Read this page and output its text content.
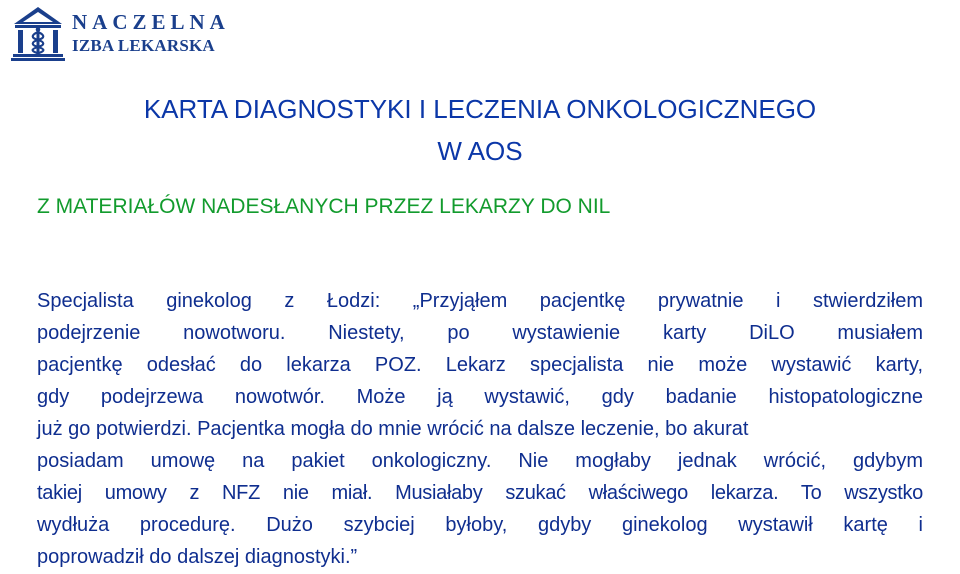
NACZELNA
IZBA LEKARSKA
KARTA DIAGNOSTYKI I LECZENIA ONKOLOGICZNEGO
W AOS
Z MATERIAŁÓW NADESŁANYCH PRZEZ LEKARZY DO NIL

Specjalista ginekolog z Łodzi: „Przyjąłem pacjentkę prywatnie i stwierdziłem
podejrzenie nowotworu. Niestety, po wystawienie karty DiLO musiałem
pacjentkę odesłać do lekarza POZ. Lekarz specjalista nie może wystawić karty,
gdy podejrzewa nowotwór. Może ją wystawić, gdy badanie histopatologiczne
już go potwierdzi. Pacjentka mogła do mnie wrócić na dalsze leczenie, bo akurat
posiadam umowę na pakiet onkologiczny. Nie mogłaby jednak wrócić, gdybym
takiej umowy z NFZ nie miał. Musiałaby szukać właściwego lekarza. To wszystko
wydłuża procedurę. Dużo szybciej byłoby, gdyby ginekolog wystawił kartę i
poprowadził do dalszej diagnostyki.”
